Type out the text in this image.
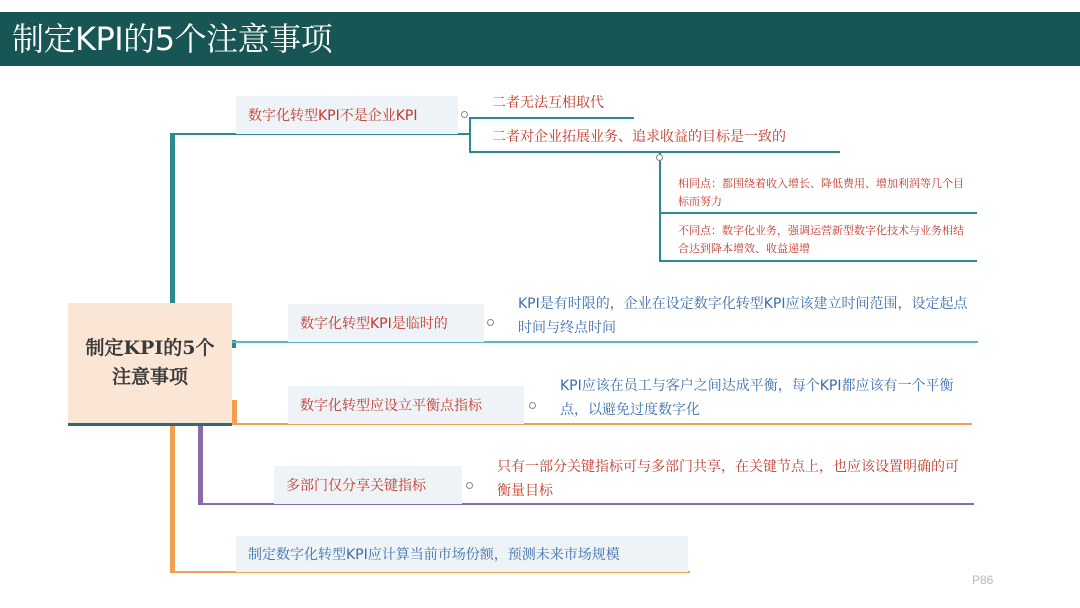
制定KPI的5个注意事项
制定KPI的5个注意事项
数字化转型KPI不是企业KPI
二者无法互相取代
二者对企业拓展业务、追求收益的目标是一致的
相同点：都围绕着收入增长、降低费用、增加利润等几个目标而努力
不同点：数字化业务，强调运营新型数字化技术与业务相结合达到降本增效、收益递增
数字化转型KPI是临时的
KPI是有时限的，企业在设定数字化转型KPI应该建立时间范围，设定起点时间与终点时间
数字化转型应设立平衡点指标
KPI应该在员工与客户之间达成平衡，每个KPI都应该有一个平衡点，以避免过度数字化
多部门仅分享关键指标
只有一部分关键指标可与多部门共享，在关键节点上，也应该设置明确的可衡量目标
制定数字化转型KPI应计算当前市场份额，预测未来市场规模
P86
